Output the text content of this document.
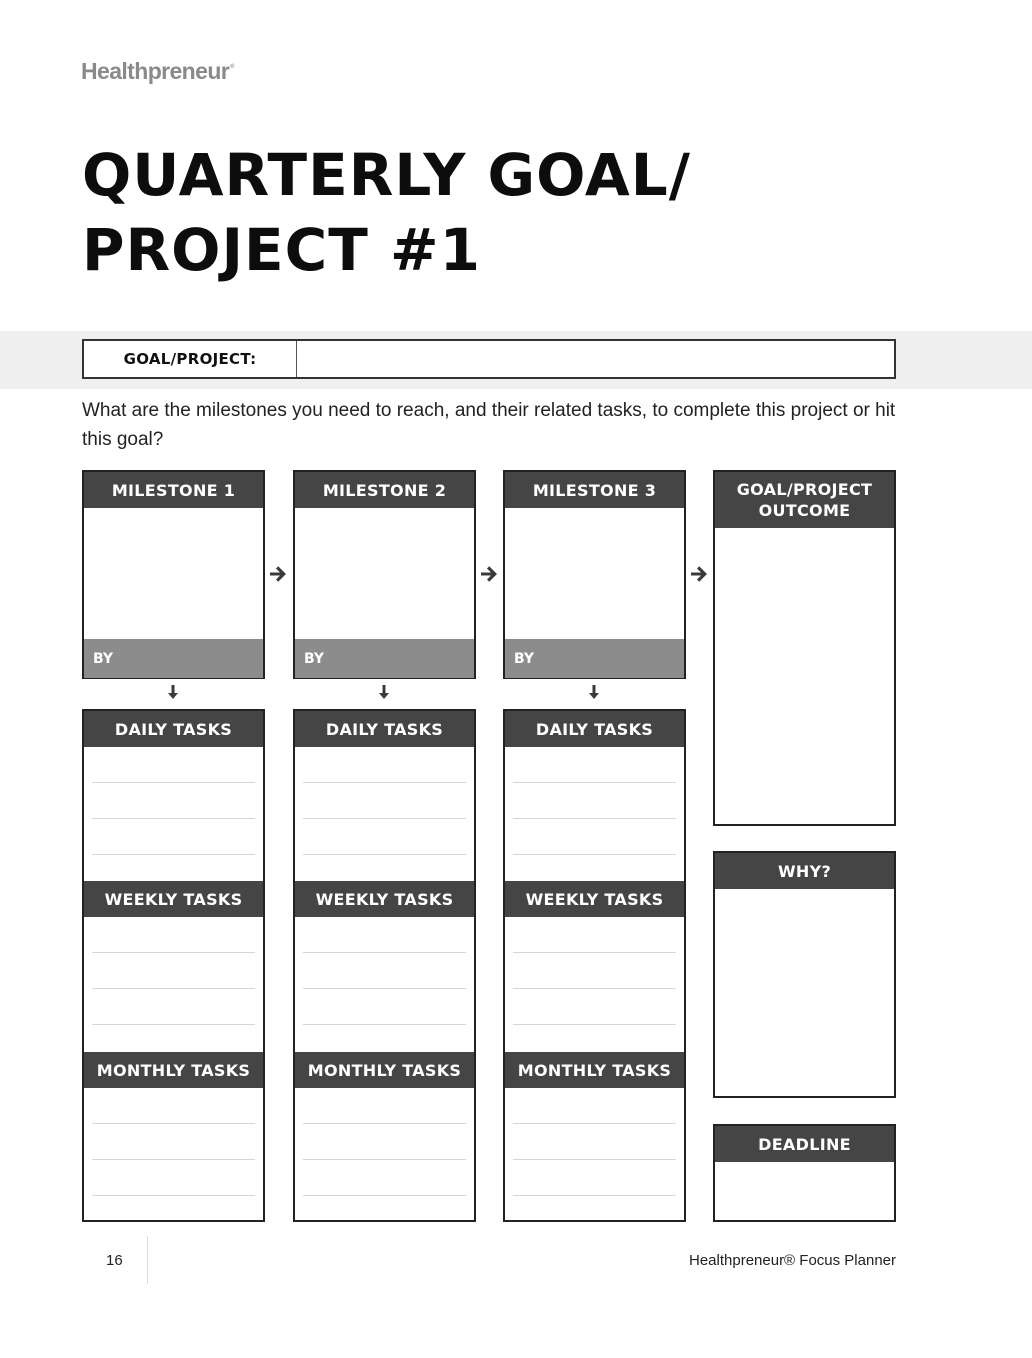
Healthpreneur®
QUARTERLY GOAL/
PROJECT #1
GOAL/PROJECT:
What are the milestones you need to reach, and their related tasks, to complete this project or hit this goal?
MILESTONE 1
BY
MILESTONE 2
BY
MILESTONE 3
BY
DAILY TASKS
WEEKLY TASKS
MONTHLY TASKS
DAILY TASKS
WEEKLY TASKS
MONTHLY TASKS
DAILY TASKS
WEEKLY TASKS
MONTHLY TASKS
GOAL/PROJECT
OUTCOME
WHY?
DEADLINE
16	Healthpreneur® Focus Planner
